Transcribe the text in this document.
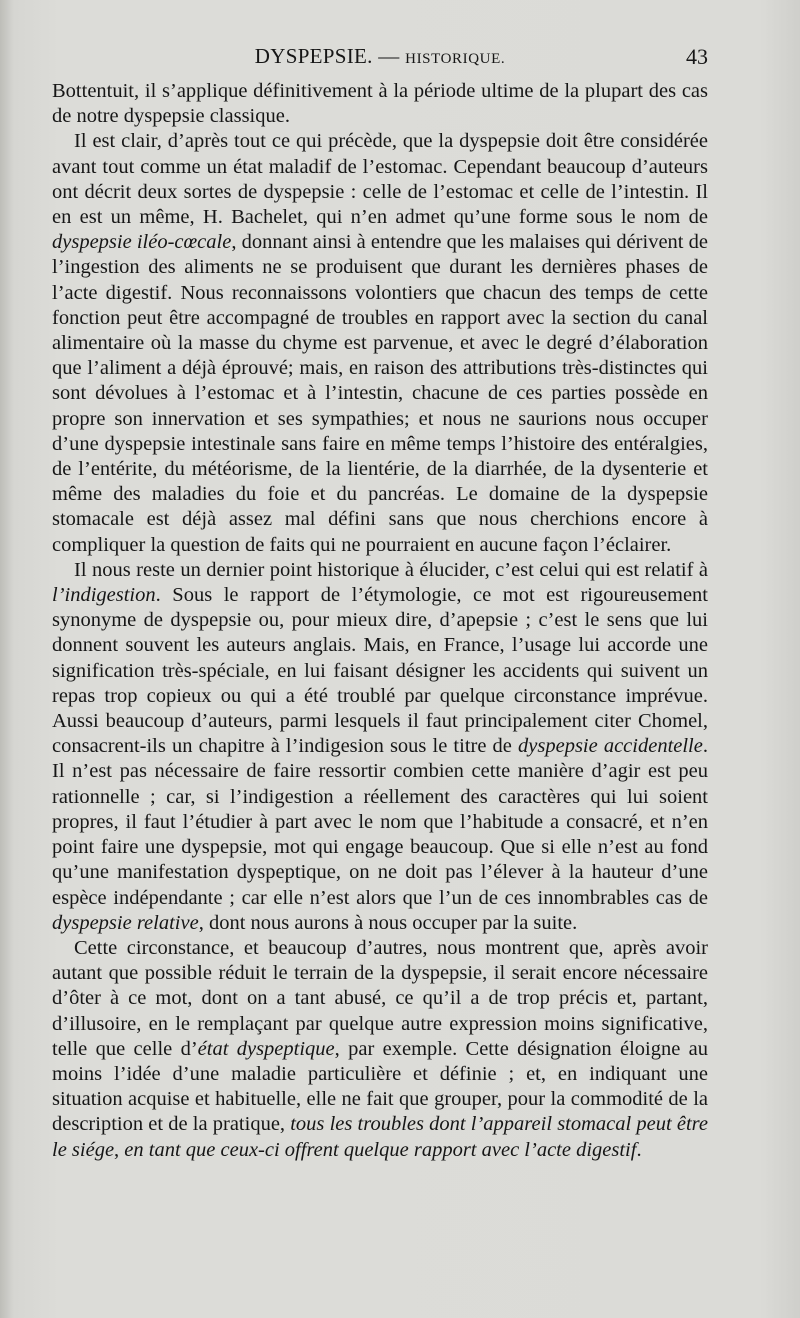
DYSPEPSIE. — HISTORIQUE.	43

Bottentuit, il s’applique définitivement à la période ultime de la plupart des cas de notre dyspepsie classique.

Il est clair, d’après tout ce qui précède, que la dyspepsie doit être considérée avant tout comme un état maladif de l’estomac. Cependant beaucoup d’auteurs ont décrit deux sortes de dyspepsie : celle de l’estomac et celle de l’intestin. Il en est un même, H. Bachelet, qui n’en admet qu’une forme sous le nom de dyspepsie iléo-cœcale, donnant ainsi à entendre que les malaises qui dérivent de l’ingestion des aliments ne se produisent que durant les dernières phases de l’acte digestif. Nous reconnaissons volontiers que chacun des temps de cette fonction peut être accompagné de troubles en rapport avec la section du canal alimentaire où la masse du chyme est parvenue, et avec le degré d’élaboration que l’aliment a déjà éprouvé; mais, en raison des attributions très-distinctes qui sont dévolues à l’estomac et à l’intestin, chacune de ces parties possède en propre son innervation et ses sympathies; et nous ne saurions nous occuper d’une dyspepsie intestinale sans faire en même temps l’histoire des entéralgies, de l’entérite, du météorisme, de la lientérie, de la diarrhée, de la dysenterie et même des maladies du foie et du pancréas. Le domaine de la dyspepsie stomacale est déjà assez mal défini sans que nous cherchions encore à compliquer la question de faits qui ne pourraient en aucune façon l’éclairer.

Il nous reste un dernier point historique à élucider, c’est celui qui est relatif à l’indigestion. Sous le rapport de l’étymologie, ce mot est rigoureusement synonyme de dyspepsie ou, pour mieux dire, d’apepsie ; c’est le sens que lui donnent souvent les auteurs anglais. Mais, en France, l’usage lui accorde une signification très-spéciale, en lui faisant désigner les accidents qui suivent un repas trop copieux ou qui a été troublé par quelque circonstance imprévue. Aussi beaucoup d’auteurs, parmi lesquels il faut principalement citer Chomel, consacrent-ils un chapitre à l’indigesion sous le titre de dyspepsie accidentelle. Il n’est pas nécessaire de faire ressortir combien cette manière d’agir est peu rationnelle ; car, si l’indigestion a réellement des caractères qui lui soient propres, il faut l’étudier à part avec le nom que l’habitude a consacré, et n’en point faire une dyspepsie, mot qui engage beaucoup. Que si elle n’est au fond qu’une manifestation dyspeptique, on ne doit pas l’élever à la hauteur d’une espèce indépendante ; car elle n’est alors que l’un de ces innombrables cas de dyspepsie relative, dont nous aurons à nous occuper par la suite.

Cette circonstance, et beaucoup d’autres, nous montrent que, après avoir autant que possible réduit le terrain de la dyspepsie, il serait encore nécessaire d’ôter à ce mot, dont on a tant abusé, ce qu’il a de trop précis et, partant, d’illusoire, en le remplaçant par quelque autre expression moins significative, telle que celle d’état dyspeptique, par exemple. Cette désignation éloigne au moins l’idée d’une maladie particulière et définie ; et, en indiquant une situation acquise et habituelle, elle ne fait que grouper, pour la commodité de la description et de la pratique, tous les troubles dont l’appareil stomacal peut être le siége, en tant que ceux-ci offrent quelque rapport avec l’acte digestif.
